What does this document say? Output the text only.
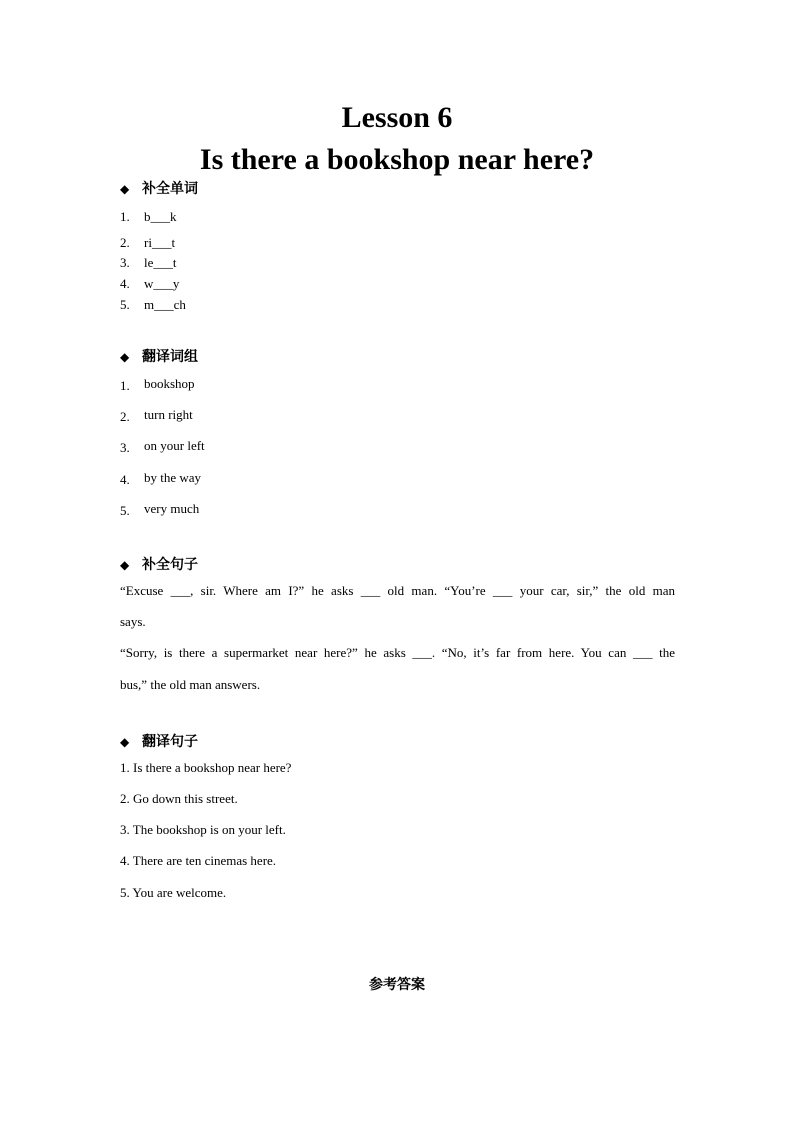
Lesson 6
Is there a bookshop near here?
◆ 补全单词
1.	b___k
2.	ri___t
3.	le___t
4.	w___y
5.	m___ch
◆ 翻译词组
1.	bookshop
2.	turn right
3.	on your left
4.	by the way
5.	very much
◆ 补全句子
“Excuse ___, sir. Where am I?” he asks ___ old man. “You’re ___ your car, sir,” the old man
says.
“Sorry, is there a supermarket near here?” he asks ___. “No, it’s far from here. You can ___ the
bus,” the old man answers.
◆ 翻译句子
1. Is there a bookshop near here?
2. Go down this street.
3. The bookshop is on your left.
4. There are ten cinemas here.
5. You are welcome.
参考答案
